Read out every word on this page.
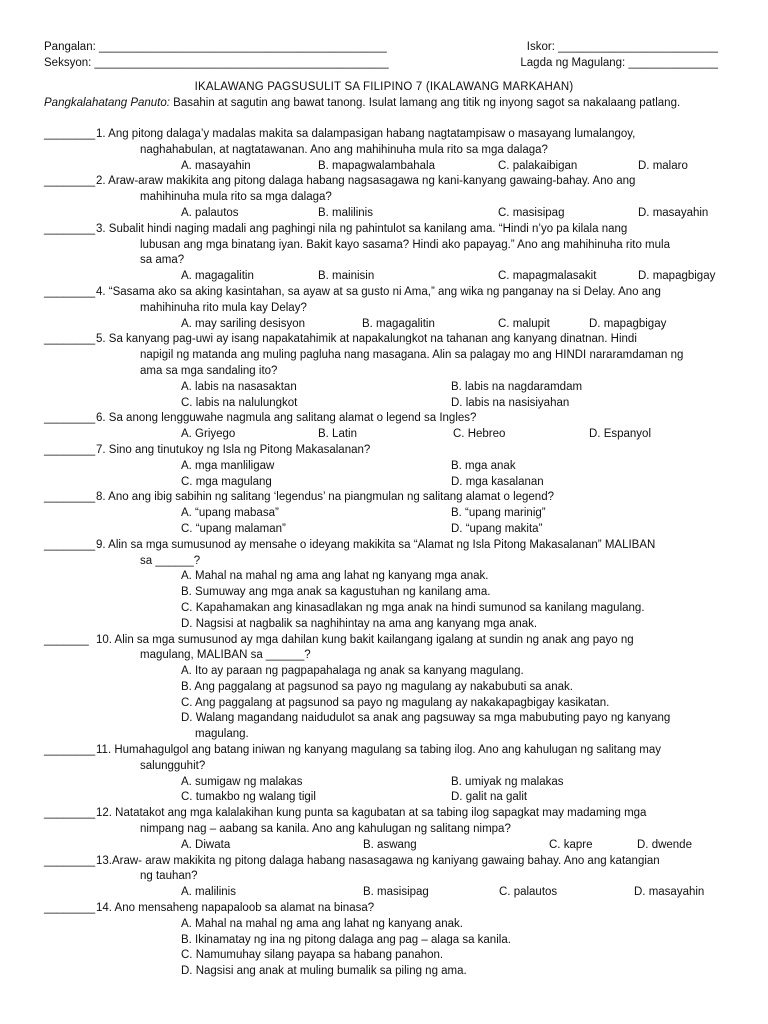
Pangalan: _____________________________________________	Iskor: _________________________
Seksyon: ______________________________________________	Lagda ng Magulang: ______________
IKALAWANG PAGSUSULIT SA FILIPINO 7 (IKALAWANG MARKAHAN)
Pangkalahatang Panuto: Basahin at sagutin ang bawat tanong. Isulat lamang ang titik ng inyong sagot sa nakalaang patlang.
________ 1. Ang pitong dalaga’y madalas makita sa dalampasigan habang nagtatampisaw o masayang lumalangoy,
naghahabulan, at nagtatawanan. Ano ang mahihinuha mula rito sa mga dalaga?
A. masayahin	B. mapagwalambahala	C. palakaibigan	D. malaro
________ 2. Araw-araw makikita ang pitong dalaga habang nagsasagawa ng kani-kanyang gawaing-bahay. Ano ang
mahihinuha mula rito sa mga dalaga?
A. palautos	B. malilinis	C. masisipag	D. masayahin
________ 3. Subalit hindi naging madali ang paghingi nila ng pahintulot sa kanilang ama. “Hindi n’yo pa kilala nang
lubusan ang mga binatang iyan. Bakit kayo sasama? Hindi ako papayag.” Ano ang mahihinuha rito mula
sa ama?
A. magagalitin	B. mainisin	C. mapagmalasakit	D. mapagbigay
________ 4. “Sasama ako sa aking kasintahan, sa ayaw at sa gusto ni Ama,” ang wika ng panganay na si Delay. Ano ang
mahihinuha rito mula kay Delay?
A. may sariling desisyon	B. magagalitin	C. malupit	D. mapagbigay
________ 5. Sa kanyang pag-uwi ay isang napakatahimik at napakalungkot na tahanan ang kanyang dinatnan. Hindi
napigil ng matanda ang muling pagluha nang masagana. Alin sa palagay mo ang HINDI nararamdaman ng
ama sa mga sandaling ito?
A. labis na nasasaktan	B. labis na nagdaramdam
C. labis na nalulungkot	D. labis na nasisiyahan
________ 6. Sa anong lengguwahe nagmula ang salitang alamat o legend sa Ingles?
A. Griyego	B. Latin	C. Hebreo	D. Espanyol
________ 7. Sino ang tinutukoy ng Isla ng Pitong Makasalanan?
A. mga manliligaw	B. mga anak
C. mga magulang	D. mga kasalanan
________ 8. Ano ang ibig sabihin ng salitang ‘legendus’ na piangmulan ng salitang alamat o legend?
A. “upang mabasa”	B. “upang marinig”
C. “upang malaman”	D. “upang makita”
________ 9. Alin sa mga sumusunod ay mensahe o ideyang makikita sa “Alamat ng Isla Pitong Makasalanan” MALIBAN
sa ______?
A. Mahal na mahal ng ama ang lahat ng kanyang mga anak.
B. Sumuway ang mga anak sa kagustuhan ng kanilang ama.
C. Kapahamakan ang kinasadlakan ng mga anak na hindi sumunod sa kanilang magulang.
D. Nagsisi at nagbalik sa naghihintay na ama ang kanyang mga anak.
_______ 10. Alin sa mga sumusunod ay mga dahilan kung bakit kailangang igalang at sundin ng anak ang payo ng
magulang, MALIBAN sa ______?
A. Ito ay paraan ng pagpapahalaga ng anak sa kanyang magulang.
B. Ang paggalang at pagsunod sa payo ng magulang ay nakabubuti sa anak.
C. Ang paggalang at pagsunod sa payo ng magulang ay nakakapagbigay kasikatan.
D. Walang magandang naidudulot sa anak ang pagsuway sa mga mabubuting payo ng kanyang
magulang.
________ 11. Humahagulgol ang batang iniwan ng kanyang magulang sa tabing ilog. Ano ang kahulugan ng salitang may
salungguhit?
A. sumigaw ng malakas	B. umiyak ng malakas
C. tumakbo ng walang tigil	D. galit na galit
________ 12. Natatakot ang mga kalalakihan kung punta sa kagubatan at sa tabing ilog sapagkat may madaming mga
nimpang nag – aabang sa kanila. Ano ang kahulugan ng salitang nimpa?
A. Diwata	B. aswang	C. kapre	D. dwende
________ 13.Araw- araw makikita ng pitong dalaga habang nasasagawa ng kaniyang gawaing bahay. Ano ang katangian
ng tauhan?
A. malilinis	B. masisipag	C. palautos	D. masayahin
________ 14. Ano mensaheng napapaloob sa alamat na binasa?
A. Mahal na mahal ng ama ang lahat ng kanyang anak.
B. Ikinamatay ng ina ng pitong dalaga ang pag – alaga sa kanila.
C. Namumuhay silang payapa sa habang panahon.
D. Nagsisi ang anak at muling bumalik sa piling ng ama.
